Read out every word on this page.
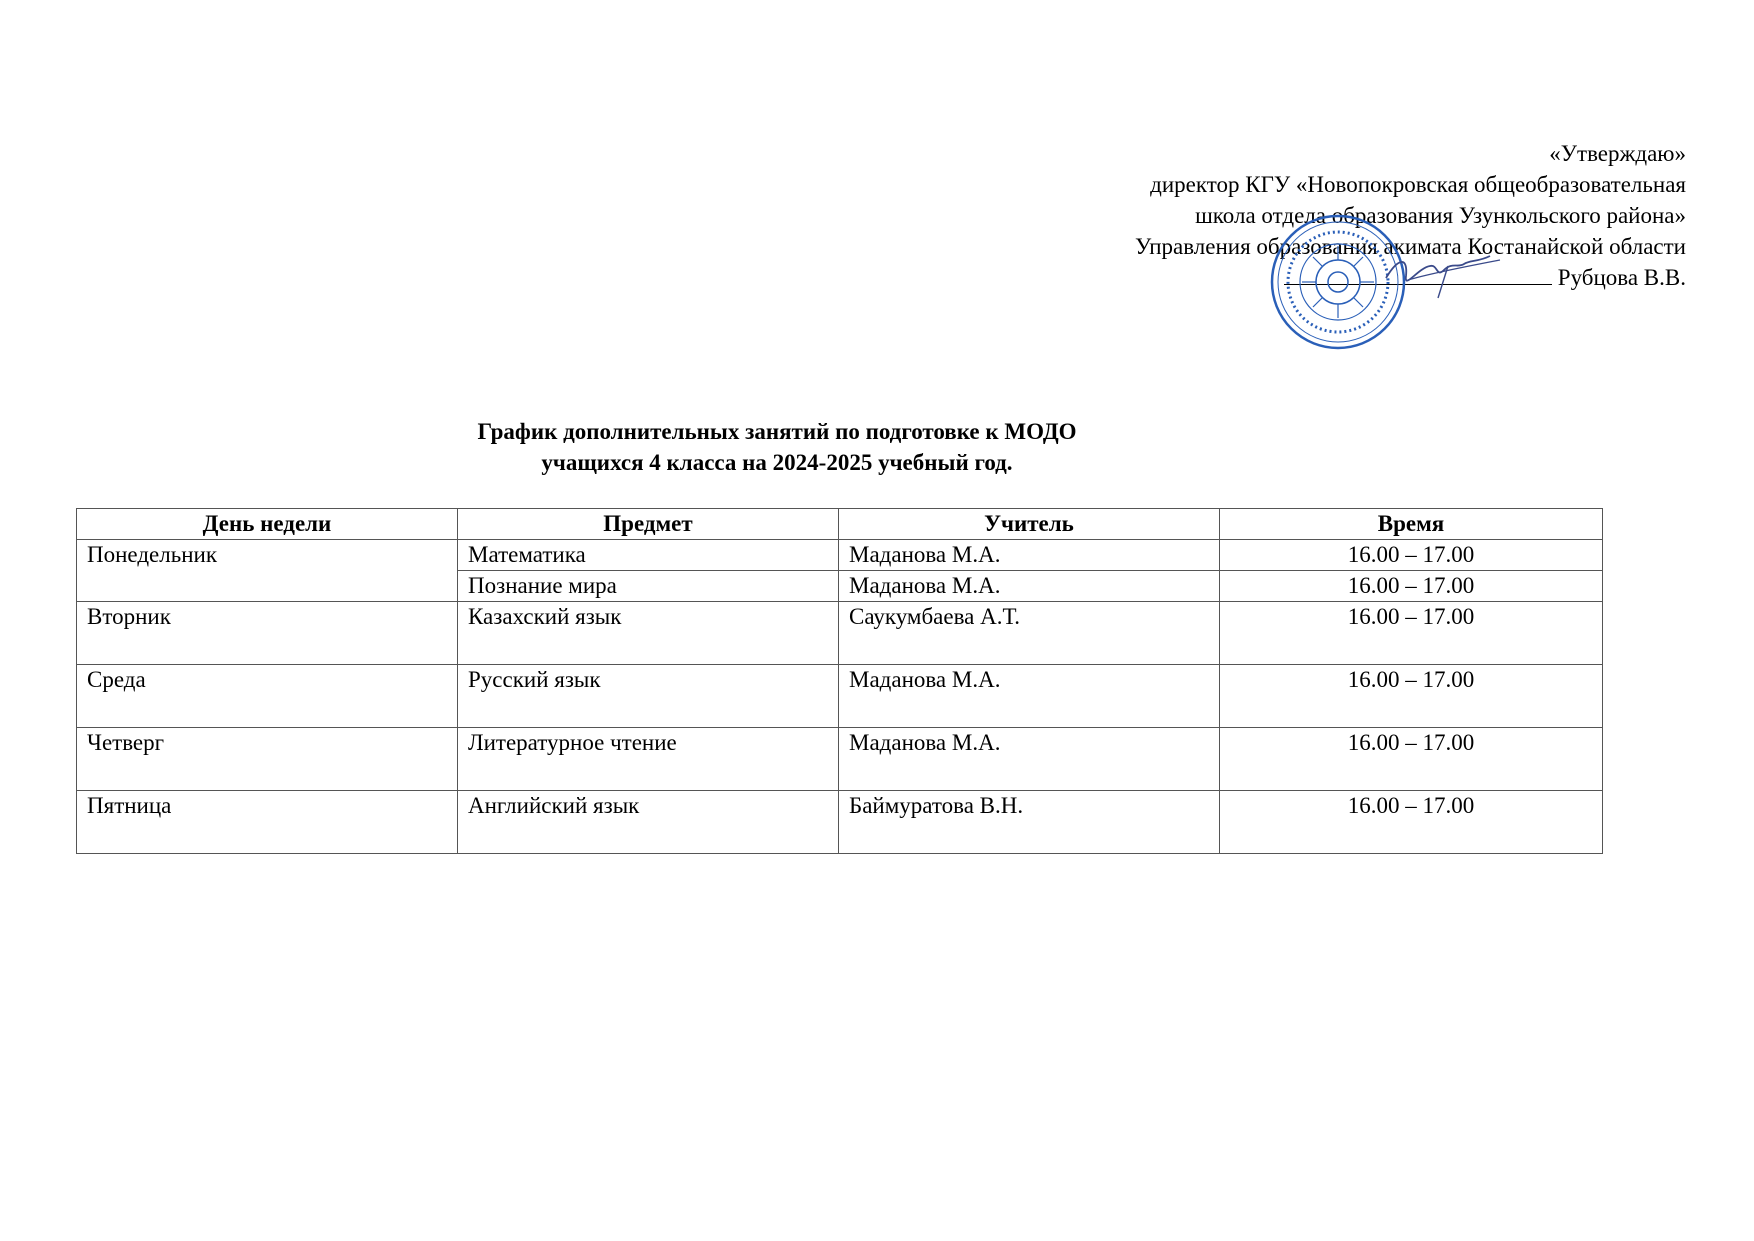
«Утверждаю»
директор КГУ «Новопокровская общеобразовательная
школа отдела образования Узункольского района»
Управления образования акимата Костанайской области
Рубцова В.В.
График дополнительных занятий по подготовке к МОДО
учащихся 4 класса на 2024-2025 учебный год.
День недели	Предмет	Учитель	Время
Понедельник	Математика	Маданова М.А.	16.00 – 17.00
	Познание мира	Маданова М.А.	16.00 – 17.00
Вторник	Казахский язык	Саукумбаева А.Т.	16.00 – 17.00
Среда	Русский язык	Маданова М.А.	16.00 – 17.00
Четверг	Литературное чтение	Маданова М.А.	16.00 – 17.00
Пятница	Английский язык	Баймуратова В.Н.	16.00 – 17.00
